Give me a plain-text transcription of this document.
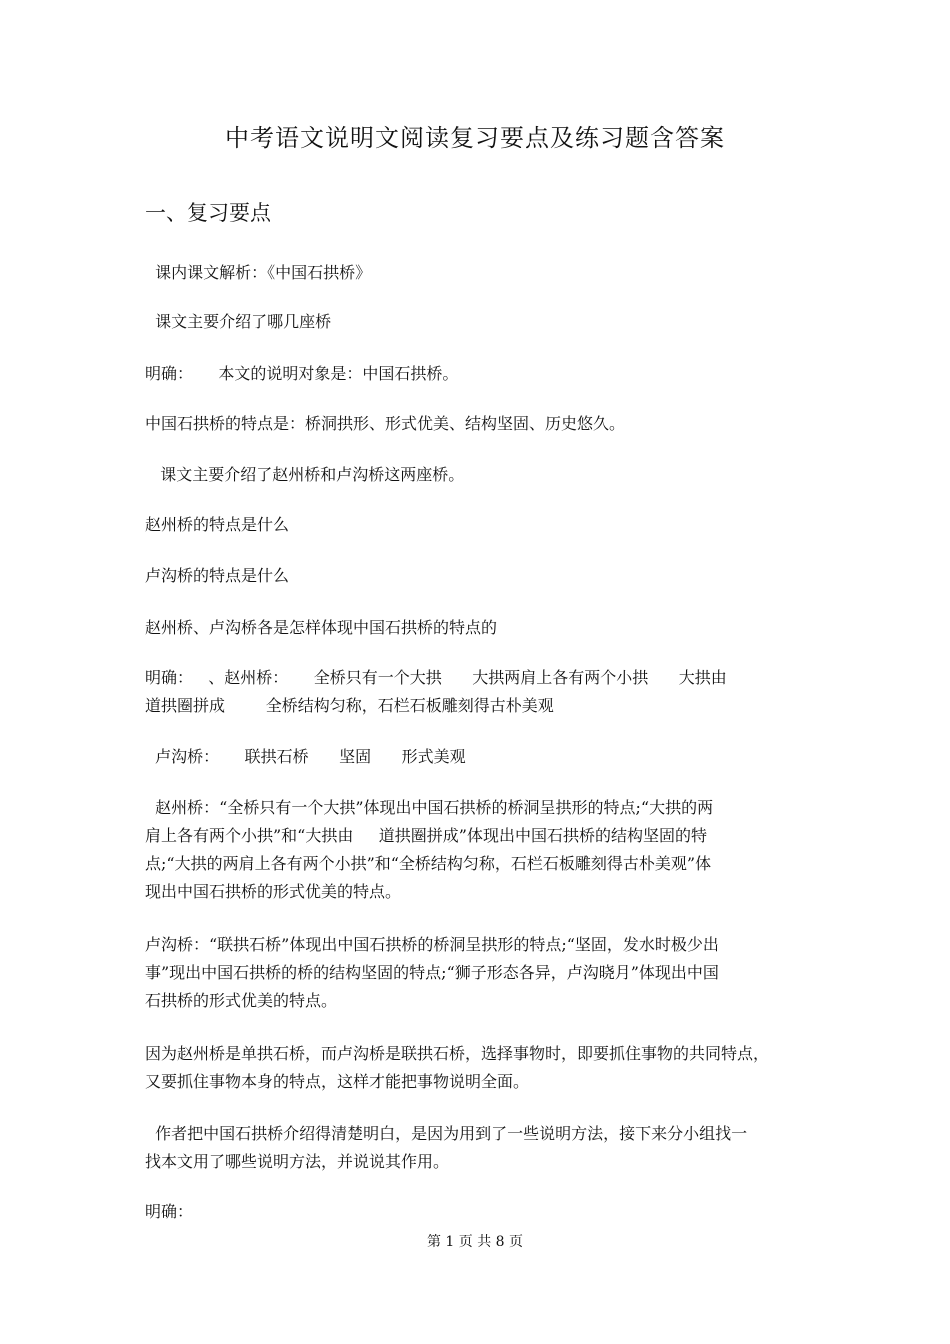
中考语文说明文阅读复习要点及练习题含答案
一、复习要点
课内课文解析：《中国石拱桥》
课文主要介绍了哪几座桥
明确：     本文的说明对象是：中国石拱桥。
中国石拱桥的特点是：桥洞拱形、形式优美、结构坚固、历史悠久。
课文主要介绍了赵州桥和卢沟桥这两座桥。
赵州桥的特点是什么
卢沟桥的特点是什么
赵州桥、卢沟桥各是怎样体现中国石拱桥的特点的
明确：   、赵州桥：     全桥只有一个大拱      大拱两肩上各有两个小拱      大拱由
道拱圈拼成        全桥结构匀称，石栏石板雕刻得古朴美观
卢沟桥：     联拱石桥      坚固      形式美观
赵州桥：“全桥只有一个大拱”体现出中国石拱桥的桥洞呈拱形的特点;“大拱的两
肩上各有两个小拱”和“大拱由     道拱圈拼成”体现出中国石拱桥的结构坚固的特
点;“大拱的两肩上各有两个小拱”和“全桥结构匀称，石栏石板雕刻得古朴美观”体
现出中国石拱桥的形式优美的特点。
卢沟桥：“联拱石桥”体现出中国石拱桥的桥洞呈拱形的特点;“坚固，发水时极少出
事”现出中国石拱桥的桥的结构坚固的特点;“狮子形态各异，卢沟晓月”体现出中国
石拱桥的形式优美的特点。
因为赵州桥是单拱石桥，而卢沟桥是联拱石桥，选择事物时，即要抓住事物的共同特点，
又要抓住事物本身的特点，这样才能把事物说明全面。
作者把中国石拱桥介绍得清楚明白，是因为用到了一些说明方法，接下来分小组找一
找本文用了哪些说明方法，并说说其作用。
明确：
第 1 页 共 8 页
